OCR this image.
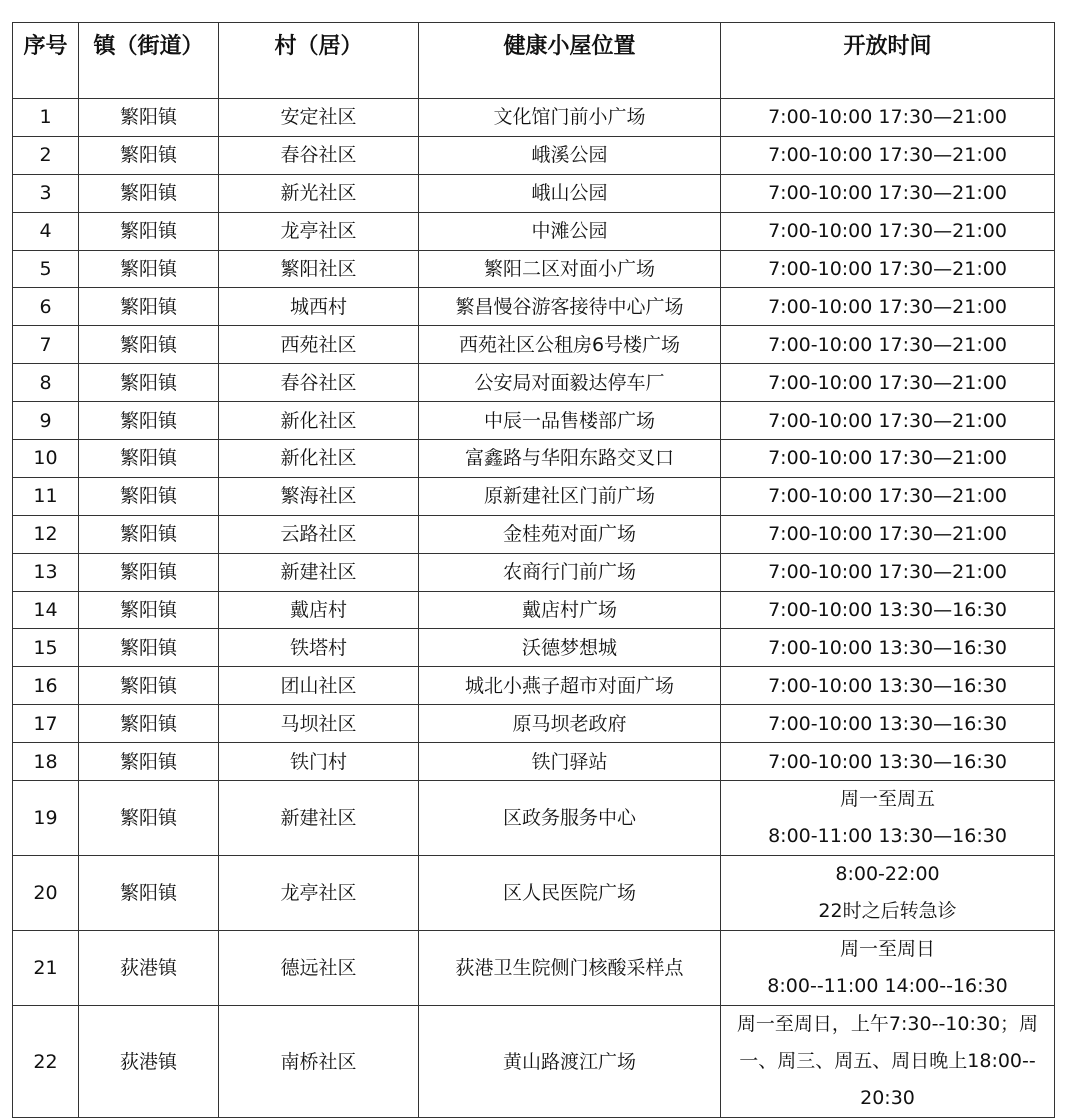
序号	镇（街道）	村（居）	健康小屋位置	开放时间
1	繁阳镇	安定社区	文化馆门前小广场	7:00-10:00 17:30—21:00

2	繁阳镇	春谷社区	峨溪公园	7:00-10:00 17:30—21:00

3	繁阳镇	新光社区	峨山公园	7:00-10:00 17:30—21:00

4	繁阳镇	龙亭社区	中滩公园	7:00-10:00 17:30—21:00

5	繁阳镇	繁阳社区	繁阳二区对面小广场	7:00-10:00 17:30—21:00

6	繁阳镇	城西村	繁昌慢谷游客接待中心广场	7:00-10:00 17:30—21:00

7	繁阳镇	西苑社区	西苑社区公租房6号楼广场	7:00-10:00 17:30—21:00

8	繁阳镇	春谷社区	公安局对面毅达停车厂	7:00-10:00 17:30—21:00

9	繁阳镇	新化社区	中辰一品售楼部广场	7:00-10:00 17:30—21:00

10	繁阳镇	新化社区	富鑫路与华阳东路交叉口	7:00-10:00 17:30—21:00

11	繁阳镇	繁海社区	原新建社区门前广场	7:00-10:00 17:30—21:00

12	繁阳镇	云路社区	金桂苑对面广场	7:00-10:00 17:30—21:00

13	繁阳镇	新建社区	农商行门前广场	7:00-10:00 17:30—21:00

14	繁阳镇	戴店村	戴店村广场	7:00-10:00 13:30—16:30

15	繁阳镇	铁塔村	沃德梦想城	7:00-10:00 13:30—16:30

16	繁阳镇	团山社区	城北小燕子超市对面广场	7:00-10:00 13:30—16:30

17	繁阳镇	马坝社区	原马坝老政府	7:00-10:00 13:30—16:30

18	繁阳镇	铁门村	铁门驿站	7:00-10:00 13:30—16:30

19	繁阳镇	新建社区	区政务服务中心	周一至周五
8:00-11:00 13:30—16:30

20	繁阳镇	龙亭社区	区人民医院广场	8:00-22:00
22时之后转急诊

21	荻港镇	德远社区	荻港卫生院侧门核酸采样点	周一至周日
8:00--11:00 14:00--16:30

22	荻港镇	南桥社区	黄山路渡江广场	周一至周日，上午7:30--10:30；周
一、周三、周五、周日晚上18:00--
20:30
